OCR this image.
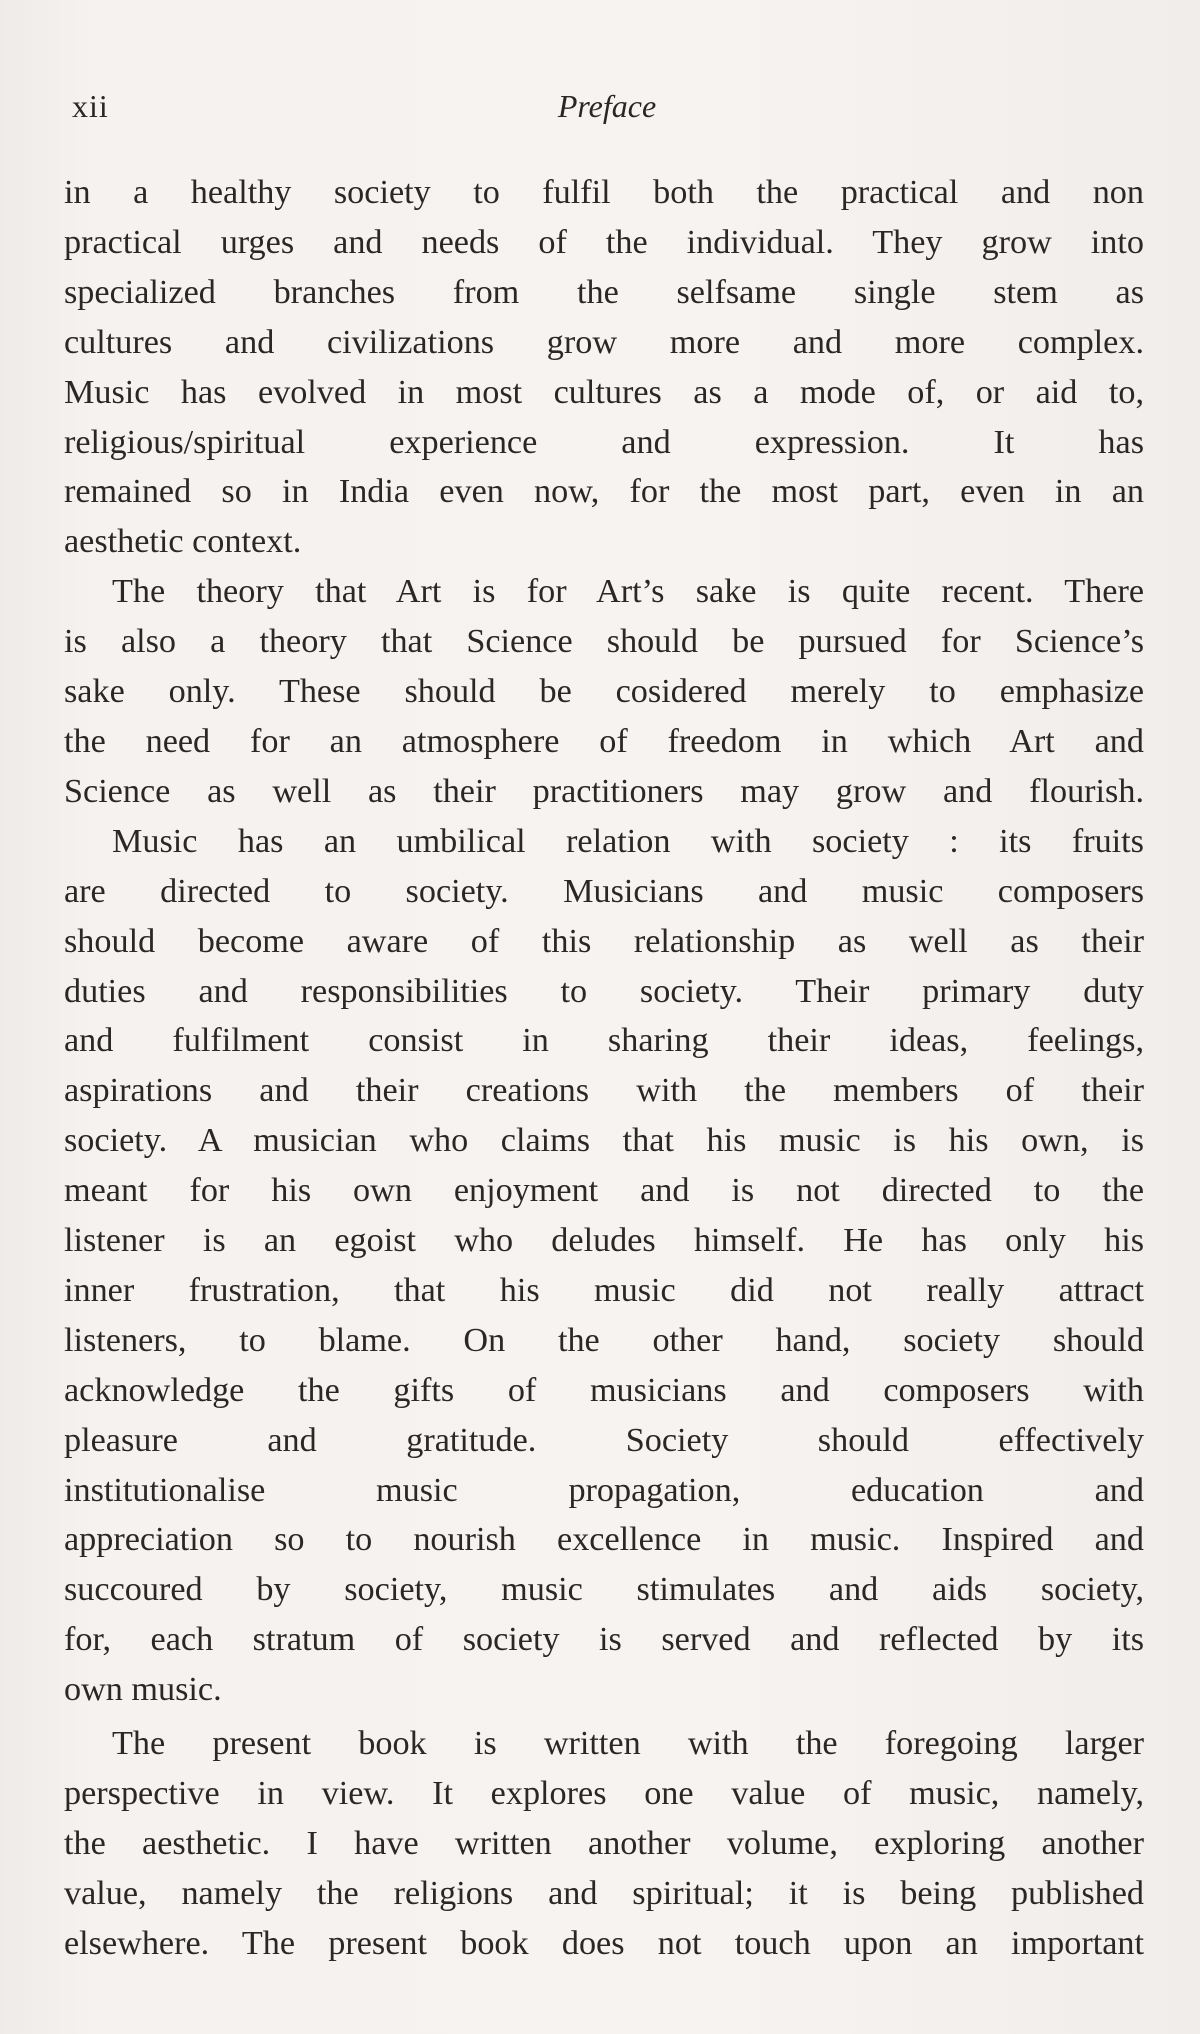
xii	Preface
in a healthy society to fulfil both the practical and non
practical urges and needs of the individual. They grow into
specialized branches from the selfsame single stem as
cultures and civilizations grow more and more complex.
Music has evolved in most cultures as a mode of, or aid to,
religious/spiritual experience and expression. It has
remained so in India even now, for the most part, even in an
aesthetic context.
The theory that Art is for Art’s sake is quite recent. There
is also a theory that Science should be pursued for Science’s
sake only. These should be cosidered merely to emphasize
the need for an atmosphere of freedom in which Art and
Science as well as their practitioners may grow and flourish.
Music has an umbilical relation with society : its fruits
are directed to society. Musicians and music composers
should become aware of this relationship as well as their
duties and responsibilities to society. Their primary duty
and fulfilment consist in sharing their ideas, feelings,
aspirations and their creations with the members of their
society. A musician who claims that his music is his own, is
meant for his own enjoyment and is not directed to the
listener is an egoist who deludes himself. He has only his
inner frustration, that his music did not really attract
listeners, to blame. On the other hand, society should
acknowledge the gifts of musicians and composers with
pleasure and gratitude. Society should effectively
institutionalise music propagation, education and
appreciation so to nourish excellence in music. Inspired and
succoured by society, music stimulates and aids society,
for, each stratum of society is served and reflected by its
own music.
The present book is written with the foregoing larger
perspective in view. It explores one value of music, namely,
the aesthetic. I have written another volume, exploring another
value, namely the religions and spiritual; it is being published
elsewhere. The present book does not touch upon an important
